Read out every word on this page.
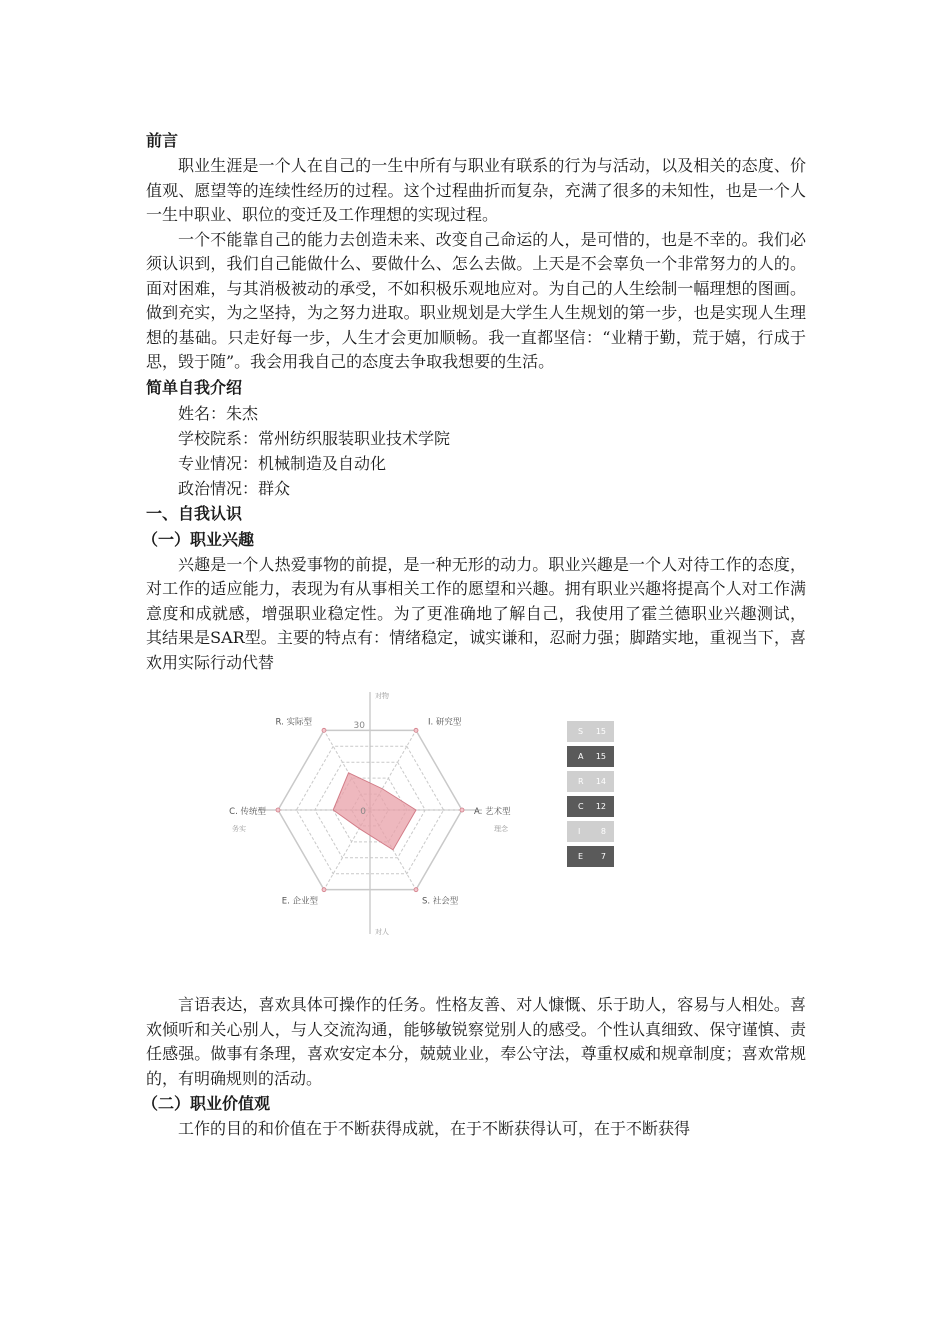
前言

职业生涯是一个人在自己的一生中所有与职业有联系的行为与活动，以及相关的态度、价值观、愿望等的连续性经历的过程。这个过程曲折而复杂，充满了很多的未知性，也是一个人一生中职业、职位的变迁及工作理想的实现过程。

一个不能靠自己的能力去创造未来、改变自己命运的人，是可惜的，也是不幸的。我们必须认识到，我们自己能做什么、要做什么、怎么去做。上天是不会辜负一个非常努力的人的。面对困难，与其消极被动的承受，不如积极乐观地应对。为自己的人生绘制一幅理想的图画。做到充实，为之坚持，为之努力进取。职业规划是大学生人生规划的第一步，也是实现人生理想的基础。只走好每一步，人生才会更加顺畅。我一直都坚信：“业精于勤，荒于嬉，行成于思，毁于随”。我会用我自己的态度去争取我想要的生活。

简单自我介绍

姓名：朱杰

学校院系：常州纺织服装职业技术学院

专业情况：机械制造及自动化

政治情况：群众

一、自我认识
（一）职业兴趣

兴趣是一个人热爱事物的前提，是一种无形的动力。职业兴趣是一个人对待工作的态度，对工作的适应能力，表现为有从事相关工作的愿望和兴趣。拥有职业兴趣将提高个人对工作满意度和成就感，增强职业稳定性。为了更准确地了解自己，我使用了霍兰德职业兴趣测试， 其结果是SAR型。主要的特点有：情绪稳定，诚实谦和，忍耐力强；脚踏实地，重视当下，喜欢用实际行动代替

I. 研究型
A. 艺术型
S. 社会型
E. 企业型
C. 传统型
R. 实际型	30
0
对物
理念
对人
务实
S 15
A 15
R 14
C 12
I	8
E 7

言语表达，喜欢具体可操作的任务。性格友善、对人慷慨、乐于助人，容易与人相处。喜欢倾听和关心别人，与人交流沟通，能够敏锐察觉别人的感受。个性认真细致、保守谨慎、责任感强。做事有条理，喜欢安定本分，兢兢业业，奉公守法，尊重权威和规章制度；喜欢常规的，有明确规则的活动。

（二）职业价值观

工作的目的和价值在于不断获得成就，在于不断获得认可，在于不断获得
